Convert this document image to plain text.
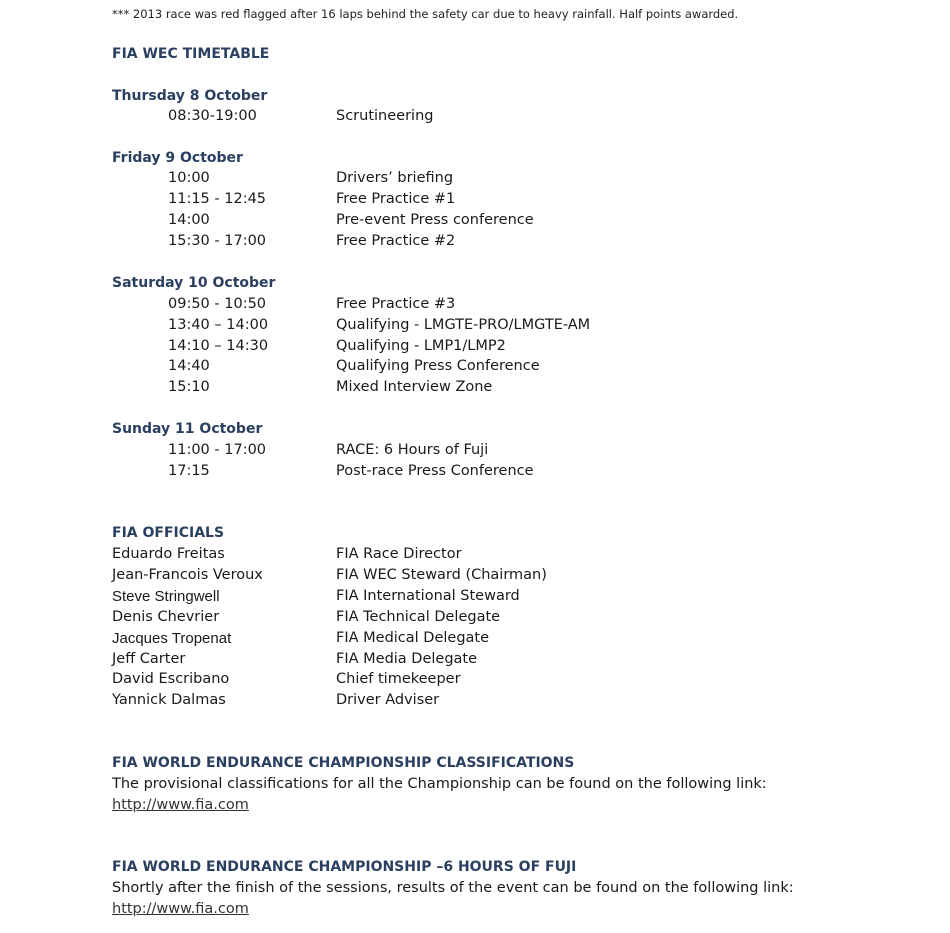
*** 2013 race was red flagged after 16 laps behind the safety car due to heavy rainfall. Half points awarded.
FIA WEC TIMETABLE
Thursday 8 October
08:30-19:00	Scrutineering
Friday 9 October
10:00	Drivers’ briefing
11:15 - 12:45	Free Practice #1
14:00	Pre-event Press conference
15:30 - 17:00	Free Practice #2
Saturday 10 October
09:50 - 10:50	Free Practice #3
13:40 – 14:00	Qualifying - LMGTE-PRO/LMGTE-AM
14:10 – 14:30	Qualifying - LMP1/LMP2
14:40	Qualifying Press Conference
15:10	Mixed Interview Zone
Sunday 11 October
11:00 - 17:00	RACE: 6 Hours of Fuji
17:15	Post-race Press Conference
FIA OFFICIALS
Eduardo Freitas	FIA Race Director
Jean-Francois Veroux	FIA WEC Steward (Chairman)
Steve Stringwell	FIA International Steward
Denis Chevrier	FIA Technical Delegate
Jacques Tropenat	FIA Medical Delegate
Jeff Carter	FIA Media Delegate
David Escribano	Chief timekeeper
Yannick Dalmas	Driver Adviser
FIA WORLD ENDURANCE CHAMPIONSHIP CLASSIFICATIONS
The provisional classifications for all the Championship can be found on the following link:
http://www.fia.com
FIA WORLD ENDURANCE CHAMPIONSHIP –6 HOURS OF FUJI
Shortly after the finish of the sessions, results of the event can be found on the following link:
http://www.fia.com
